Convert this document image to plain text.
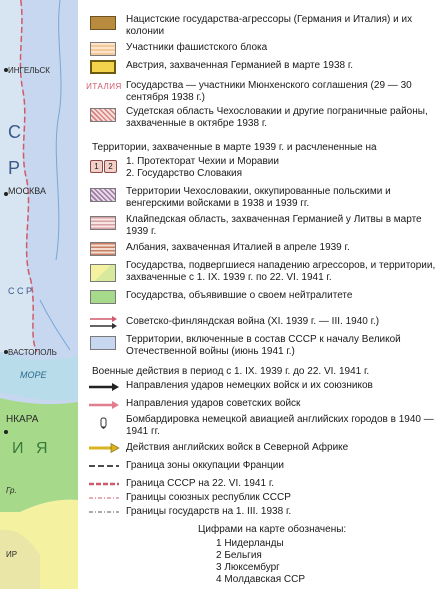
ИНГЕЛЬСК
С
Р
МОСКВА
С С Р
ВАСТОПОЛЬ
МОРЕ
НКАРА
И Я
ИР
Гр.
Нацистские государства-агрессоры (Германия и Италия) и их колонии
Участники фашистского блока
Австрия, захваченная Германией в марте 1938 г.
ИТАЛИЯ Государства — участники Мюнхенского соглашения (29 — 30 сентября 1938 г.)
Судетская область Чехословакии и другие пограничные районы, захваченные в октябре 1938 г.
Территории, захваченные в марте 1939 г. и расчлененные на
1	2	1. Протекторат Чехии и Моравии
2. Государство Словакия
Территории Чехословакии, оккупированные польскими и венгерскими войсками в 1938 и 1939 гг.
Клайпедская область, захваченная Германией у Литвы в марте 1939 г.
Албания, захваченная Италией в апреле 1939 г.
Государства, подвергшиеся нападению агрессоров, и территории, захваченные с 1. IX. 1939 г. по 22. VI. 1941 г.
Государства, объявившие о своем нейтралитете
Советско-финляндская война (XI. 1939 г. — III. 1940 г.)
Территории, включенные в состав СССР к началу Великой Отечественной войны (июнь 1941 г.)
Военные действия в период с 1. IX. 1939 г. до 22. VI. 1941 г.
Направления ударов немецких войск и их союзников
Направления ударов советских войск
Бомбардировка немецкой авиацией английских городов в 1940 — 1941 гг.
Действия английских войск в Северной Африке
Граница зоны оккупации Франции
Граница СССР на 22. VI. 1941 г.
Границы союзных республик СССР
Границы государств на 1. III. 1938 г.
Цифрами на карте обозначены:
1 Нидерланды
2 Бельгия
3 Люксембург
4 Молдавская ССР
